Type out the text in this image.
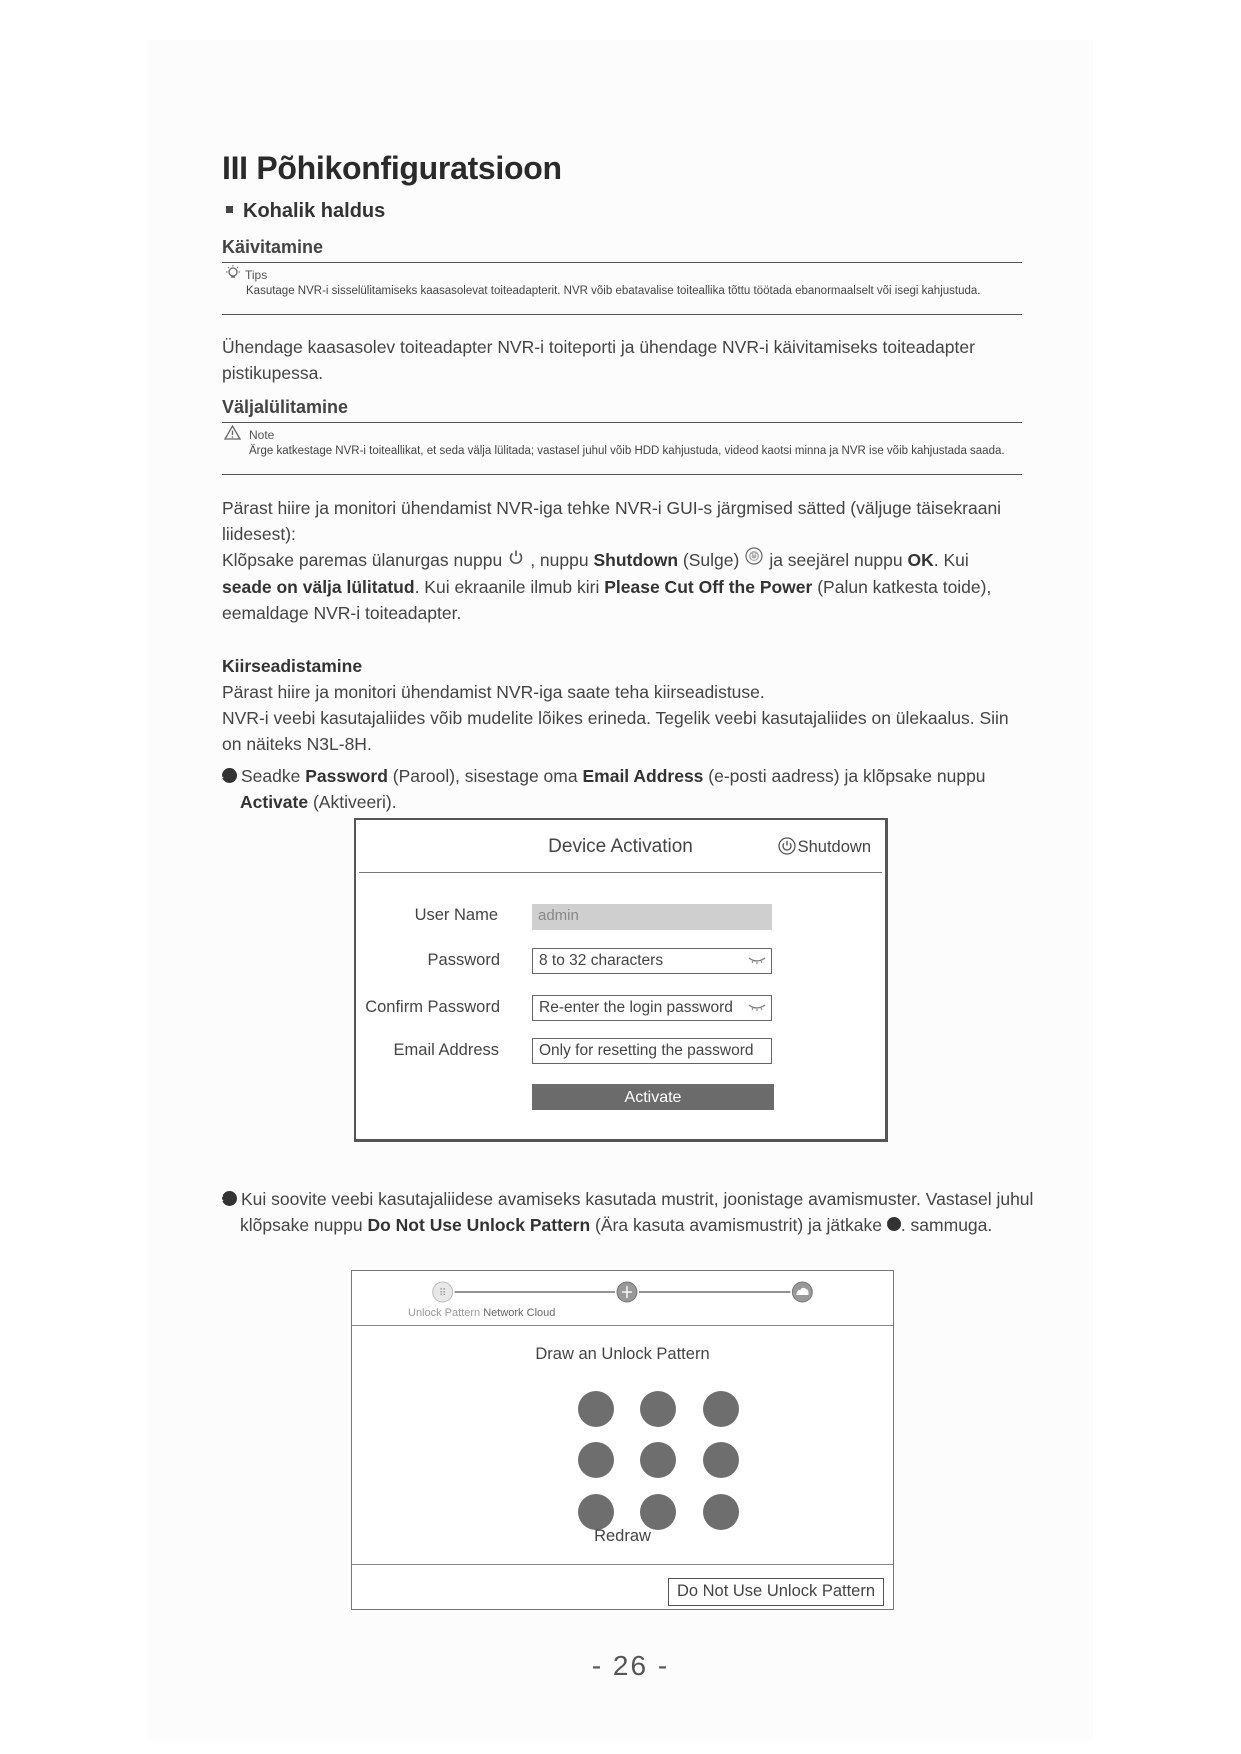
III Põhikonfiguratsioon
Kohalik haldus
Käivitamine
Tips
Kasutage NVR-i sisselülitamiseks kaasasolevat toiteadapterit. NVR võib ebatavalise toiteallika tõttu töötada ebanormaalselt või isegi kahjustuda.

Ühendage kaasasolev toiteadapter NVR-i toiteporti ja ühendage NVR-i käivitamiseks toiteadapter pistikupessa.

Väljalülitamine
Note
Ärge katkestage NVR-i toiteallikat, et seda välja lülitada; vastasel juhul võib HDD kahjustuda, videod kaotsi minna ja NVR ise võib kahjustada saada.

Pärast hiire ja monitori ühendamist NVR-iga tehke NVR-i GUI-s järgmised sätted (väljuge täisekraani liidesest):

Klõpsake paremas ülanurgas nuppu , nuppu Shutdown (Sulge) ja seejärel nuppu OK. Kui seade on välja lülitatud. Kui ekraanile ilmub kiri Please Cut Off the Power (Palun katkesta toide), eemaldage NVR-i toiteadapter.

Kiirseadistamine

Pärast hiire ja monitori ühendamist NVR-iga saate teha kiirseadistuse.

NVR-i veebi kasutajaliides võib mudelite lõikes erineda. Tegelik veebi kasutajaliides on ülekaalus. Siin on näiteks N3L-8H.

1 Seadke Password (Parool), sisestage oma Email Address (e-posti aadress) ja klõpsake nuppu Activate (Aktiveeri).

Device Activation	Shutdown
User Name	admin
Password	8 to 32 characters
Confirm Password	Re-enter the login password
Email Address	Only for resetting the password
Activate

2 Kui soovite veebi kasutajaliidese avamiseks kasutada mustrit, joonistage avamismuster. Vastasel juhul klõpsake nuppu Do Not Use Unlock Pattern (Ära kasuta avamismustrit) ja jätkake 3 . sammuga.

⠿
Unlock Pattern Network Cloud
Draw an Unlock Pattern
Redraw
Do Not Use Unlock Pattern
- 26 -
